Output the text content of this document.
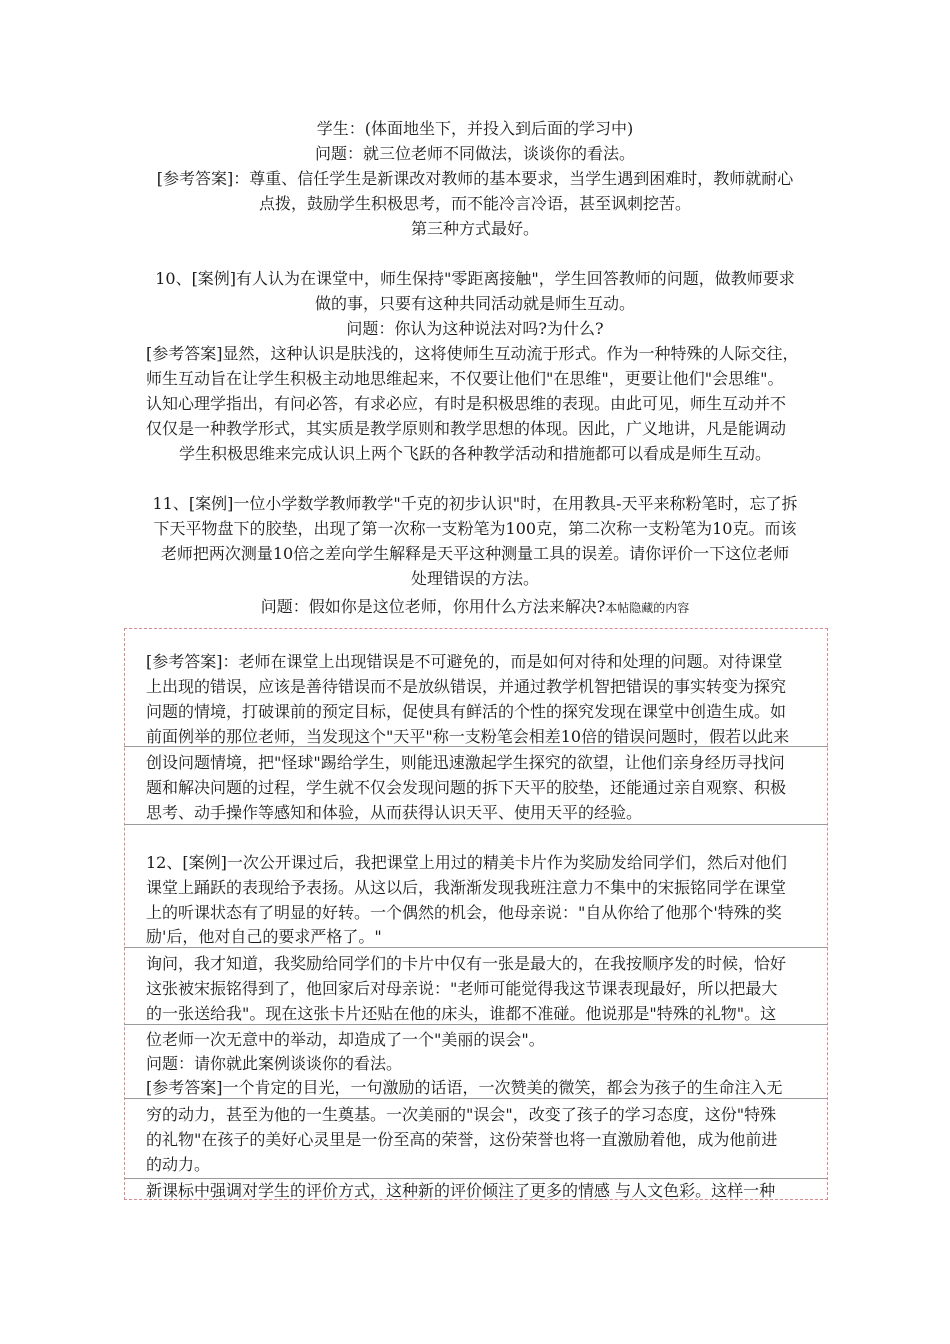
学生：(体面地坐下，并投入到后面的学习中)
问题：就三位老师不同做法，谈谈你的看法。
[参考答案]：尊重、信任学生是新课改对教师的基本要求，当学生遇到困难时，教师就耐心
点拨，鼓励学生积极思考，而不能冷言冷语，甚至讽刺挖苦。
第三种方式最好。
10、[案例]有人认为在课堂中，师生保持"零距离接触"，学生回答教师的问题，做教师要求
做的事，只要有这种共同活动就是师生互动。
问题：你认为这种说法对吗?为什么?
[参考答案]显然，这种认识是肤浅的，这将使师生互动流于形式。作为一种特殊的人际交往，
师生互动旨在让学生积极主动地思维起来，不仅要让他们"在思维"，更要让他们"会思维"。
认知心理学指出，有问必答，有求必应，有时是积极思维的表现。由此可见，师生互动并不
仅仅是一种教学形式，其实质是教学原则和教学思想的体现。因此，广义地讲，凡是能调动
学生积极思维来完成认识上两个飞跃的各种教学活动和措施都可以看成是师生互动。
11、[案例]一位小学数学教师教学"千克的初步认识"时，在用教具-天平来称粉笔时，忘了拆
下天平物盘下的胶垫，出现了第一次称一支粉笔为100克，第二次称一支粉笔为10克。而该
老师把两次测量10倍之差向学生解释是天平这种测量工具的误差。请你评价一下这位老师
处理错误的方法。
问题：假如你是这位老师，你用什么方法来解决?本帖隐藏的内容
[参考答案]：老师在课堂上出现错误是不可避免的，而是如何对待和处理的问题。对待课堂
上出现的错误，应该是善待错误而不是放纵错误，并通过教学机智把错误的事实转变为探究
问题的情境，打破课前的预定目标，促使具有鲜活的个性的探究发现在课堂中创造生成。如
前面例举的那位老师，当发现这个"天平"称一支粉笔会相差10倍的错误问题时，假若以此来
创设问题情境，把"怪球"踢给学生，则能迅速激起学生探究的欲望，让他们亲身经历寻找问
题和解决问题的过程，学生就不仅会发现问题的拆下天平的胶垫，还能通过亲自观察、积极
思考、动手操作等感知和体验，从而获得认识天平、使用天平的经验。
12、[案例]一次公开课过后，我把课堂上用过的精美卡片作为奖励发给同学们，然后对他们
课堂上踊跃的表现给予表扬。从这以后，我渐渐发现我班注意力不集中的宋振铭同学在课堂
上的听课状态有了明显的好转。一个偶然的机会，他母亲说："自从你给了他那个'特殊的奖
励'后，他对自己的要求严格了。"
询问，我才知道，我奖励给同学们的卡片中仅有一张是最大的，在我按顺序发的时候，恰好
这张被宋振铭得到了，他回家后对母亲说："老师可能觉得我这节课表现最好，所以把最大
的一张送给我"。现在这张卡片还贴在他的床头，谁都不准碰。他说那是"特殊的礼物"。这
位老师一次无意中的举动，却造成了一个"美丽的误会"。
问题：请你就此案例谈谈你的看法。
[参考答案]一个肯定的目光，一句激励的话语，一次赞美的微笑，都会为孩子的生命注入无
穷的动力，甚至为他的一生奠基。一次美丽的"误会"，改变了孩子的学习态度，这份"特殊
的礼物"在孩子的美好心灵里是一份至高的荣誉，这份荣誉也将一直激励着他，成为他前进
的动力。
新课标中强调对学生的评价方式，这种新的评价倾注了更多的情感 与人文色彩。这样一种
